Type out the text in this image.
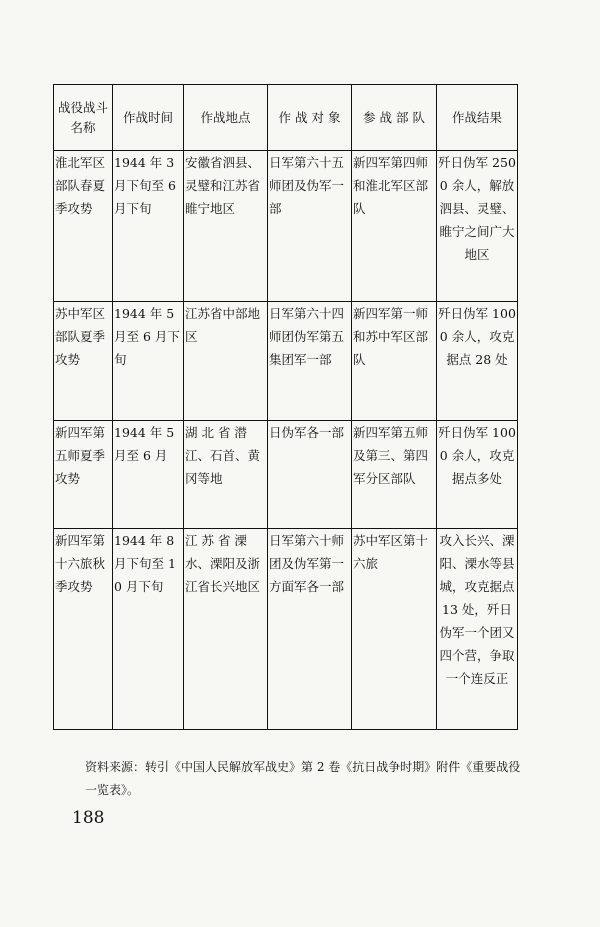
战役战斗名称	作战时间	作战地点	作 战 对 象	参 战 部 队	作战结果
淮北军区部队春夏季攻势	1944 年 3 月下旬至 6 月下旬	安徽省泗县、灵璧和江苏省睢宁地区	日军第六十五师团及伪军一部	新四军第四师和淮北军区部队	歼日伪军 2500 余人，解放泗县、灵璧、睢宁之间广大地区
苏中军区部队夏季攻势	1944 年 5 月至 6 月下旬	江苏省中部地区	日军第六十四师团伪军第五集团军一部	新四军第一师和苏中军区部队	歼日伪军 1000 余人，攻克据点 28 处
新四军第五师夏季攻势	1944 年 5 月至 6 月	湖 北 省 潜江、石首、黄冈等地	日伪军各一部	新四军第五师及第三、第四军分区部队	歼日伪军 1000 余人，攻克据点多处
新四军第十六旅秋季攻势	1944 年 8 月下旬至 10 月下旬	江 苏 省 溧水、溧阳及浙江省长兴地区	日军第六十师团及伪军第一方面军各一部	苏中军区第十六旅	攻入长兴、溧阳、溧水等县城，攻克据点 13 处，歼日伪军一个团又四个营，争取一个连反正
资料来源：转引《中国人民解放军战史》第 2 卷《抗日战争时期》附件《重要战役一览表》。
188
